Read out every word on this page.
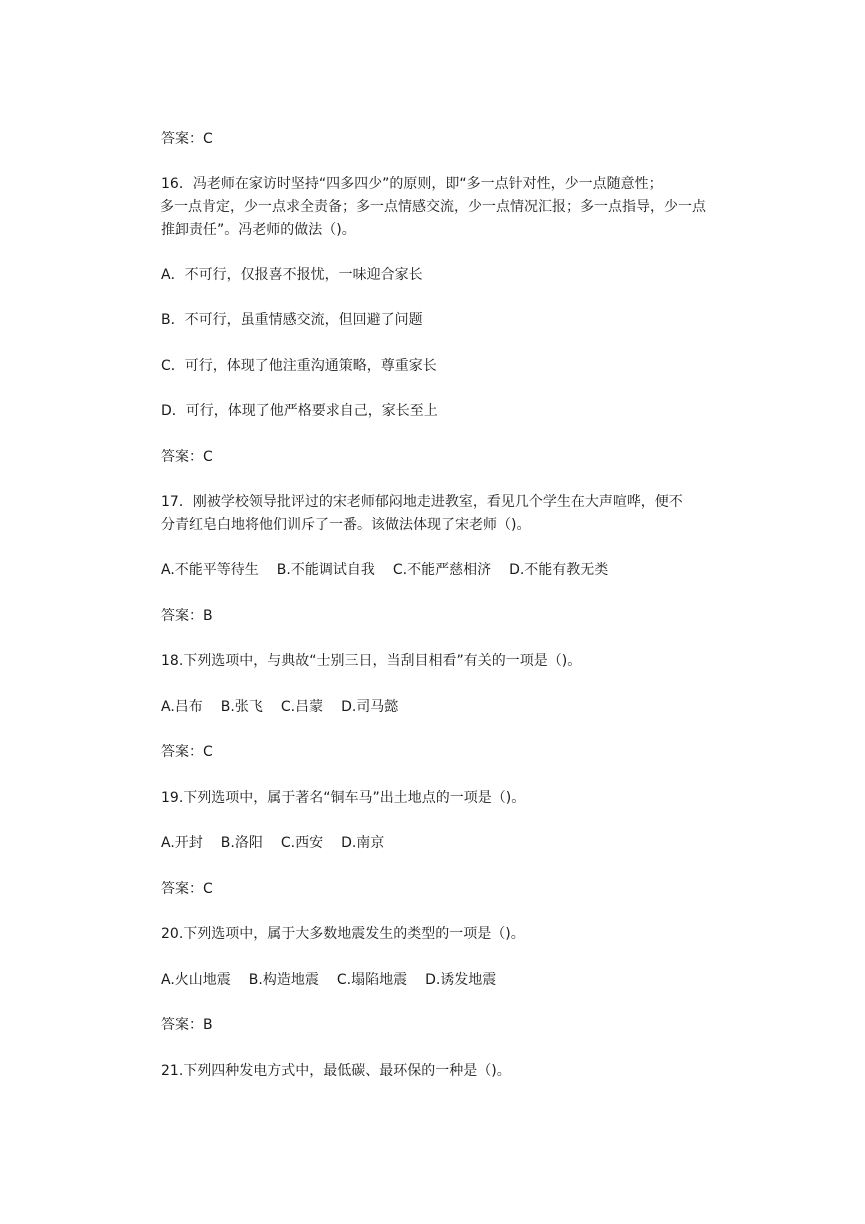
答案：C
16．冯老师在家访时坚持“四多四少”的原则，即“多一点针对性，少一点随意性；
多一点肯定，少一点求全责备；多一点情感交流，少一点情况汇报；多一点指导，少一点
推卸责任”。冯老师的做法（)。
A．不可行，仅报喜不报忧，一味迎合家长
B．不可行，虽重情感交流，但回避了问题
C．可行，体现了他注重沟通策略，尊重家长
D．可行，体现了他严格要求自己，家长至上
答案：C
17．刚被学校领导批评过的宋老师郁闷地走进教室，看见几个学生在大声喧哗，便不
分青红皂白地将他们训斥了一番。该做法体现了宋老师（)。
A.不能平等待生 B.不能调试自我 C.不能严慈相济 D.不能有教无类
答案：B
18.下列选项中，与典故“士别三日，当刮目相看”有关的一项是（)。
A.吕布 B.张飞 C.吕蒙 D.司马懿
答案：C
19.下列选项中，属于著名“铜车马”出土地点的一项是（)。
A.开封 B.洛阳 C.西安 D.南京
答案：C
20.下列选项中，属于大多数地震发生的类型的一项是（)。
A.火山地震 B.构造地震 C.塌陷地震 D.诱发地震
答案：B
21.下列四种发电方式中，最低碳、最环保的一种是（)。
